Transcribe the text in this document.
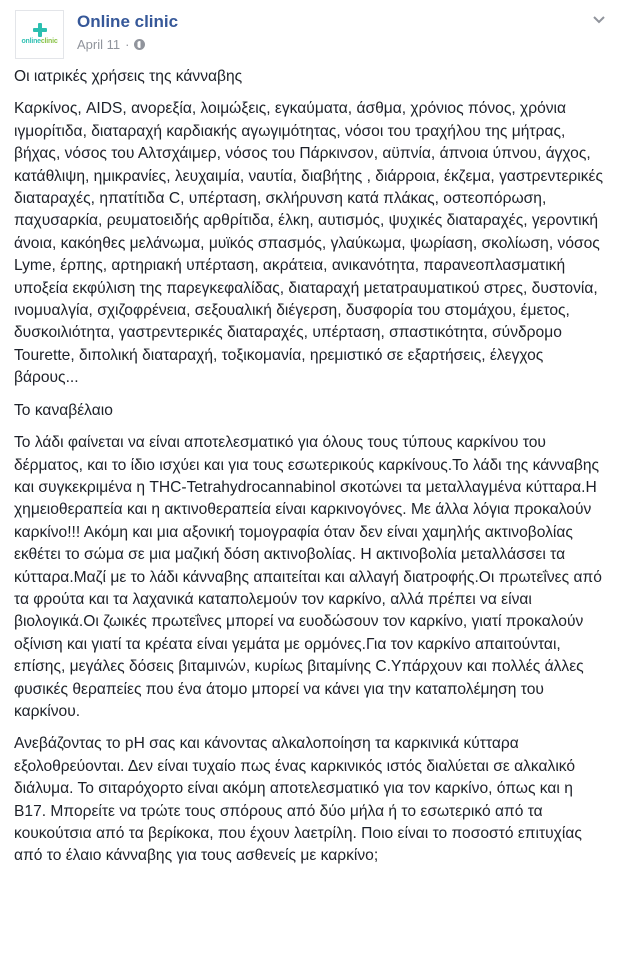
onlineclinic
Online clinic
April 11 ·

Οι ιατρικές χρήσεις της κάνναβης

Καρκίνος, AIDS, ανορεξία, λοιμώξεις, εγκαύματα, άσθμα, χρόνιος πόνος, χρόνια ιγμορίτιδα, διαταραχή καρδιακής αγωγιμότητας, νόσοι του τραχήλου της μήτρας, βήχας, νόσος του Αλτσχάιμερ, νόσος του Πάρκινσον, αϋπνία, άπνοια ύπνου, άγχος, κατάθλιψη, ημικρανίες, λευχαιμία, ναυτία, διαβήτης , διάρροια, έκζεμα, γαστρεντερικές διαταραχές, ηπατίτιδα C, υπέρταση, σκλήρυνση κατά πλάκας, οστεοπόρωση, παχυσαρκία, ρευματοειδής αρθρίτιδα, έλκη, αυτισμός, ψυχικές διαταραχές, γεροντική άνοια, κακόηθες μελάνωμα, μυϊκός σπασμός, γλαύκωμα, ψωρίαση, σκολίωση, νόσος Lyme, έρπης, αρτηριακή υπέρταση, ακράτεια, ανικανότητα, παρανεοπλασματική υποξεία εκφύλιση της παρεγκεφαλίδας, διαταραχή μετατραυματικού στρες, δυστονία, ινομυαλγία, σχιζοφρένεια, σεξουαλική διέγερση, δυσφορία του στομάχου, έμετος, δυσκοιλιότητα, γαστρεντερικές διαταραχές, υπέρταση, σπαστικότητα, σύνδρομο Tourette, διπολική διαταραχή, τοξικομανία, ηρεμιστικό σε εξαρτήσεις, έλεγχος βάρους...

Το καναβέλαιο

Το λάδι φαίνεται να είναι αποτελεσματικό για όλους τους τύπους καρκίνου του δέρματος, και το ίδιο ισχύει και για τους εσωτερικούς καρκίνους.Το λάδι της κάνναβης και συγκεκριμένα η THC-Tetrahydrocannabinol σκοτώνει τα μεταλλαγμένα κύτταρα.Η χημειοθεραπεία και η ακτινοθεραπεία είναι καρκινογόνες. Με άλλα λόγια προκαλούν καρκίνο!!! Ακόμη και μια αξονική τομογραφία όταν δεν είναι χαμηλής ακτινοβολίας εκθέτει το σώμα σε μια μαζική δόση ακτινοβολίας. Η ακτινοβολία μεταλλάσσει τα κύτταρα.Μαζί με το λάδι κάνναβης απαιτείται και αλλαγή διατροφής.Οι πρωτεΐνες από τα φρούτα και τα λαχανικά καταπολεμούν τον καρκίνο, αλλά πρέπει να είναι βιολογικά.Οι ζωικές πρωτεΐνες μπορεί να ευοδώσουν τον καρκίνο, γιατί προκαλούν οξίνιση και γιατί τα κρέατα είναι γεμάτα με ορμόνες.Για τον καρκίνο απαιτούνται, επίσης, μεγάλες δόσεις βιταμινών, κυρίως βιταμίνης C.Υπάρχουν και πολλές άλλες φυσικές θεραπείες που ένα άτομο μπορεί να κάνει για την καταπολέμηση του καρκίνου.

Ανεβάζοντας το pH σας και κάνοντας αλκαλοποίηση τα καρκινικά κύτταρα εξολοθρεύονται. Δεν είναι τυχαίο πως ένας καρκινικός ιστός διαλύεται σε αλκαλικό διάλυμα. Το σιταρόχορτο είναι ακόμη αποτελεσματικό για τον καρκίνο, όπως και η B17. Μπορείτε να τρώτε τους σπόρους από δύο μήλα ή το εσωτερικό από τα κουκούτσια από τα βερίκοκα, που έχουν λαετρίλη. Ποιο είναι το ποσοστό επιτυχίας από το έλαιο κάνναβης για τους ασθενείς με καρκίνο;
